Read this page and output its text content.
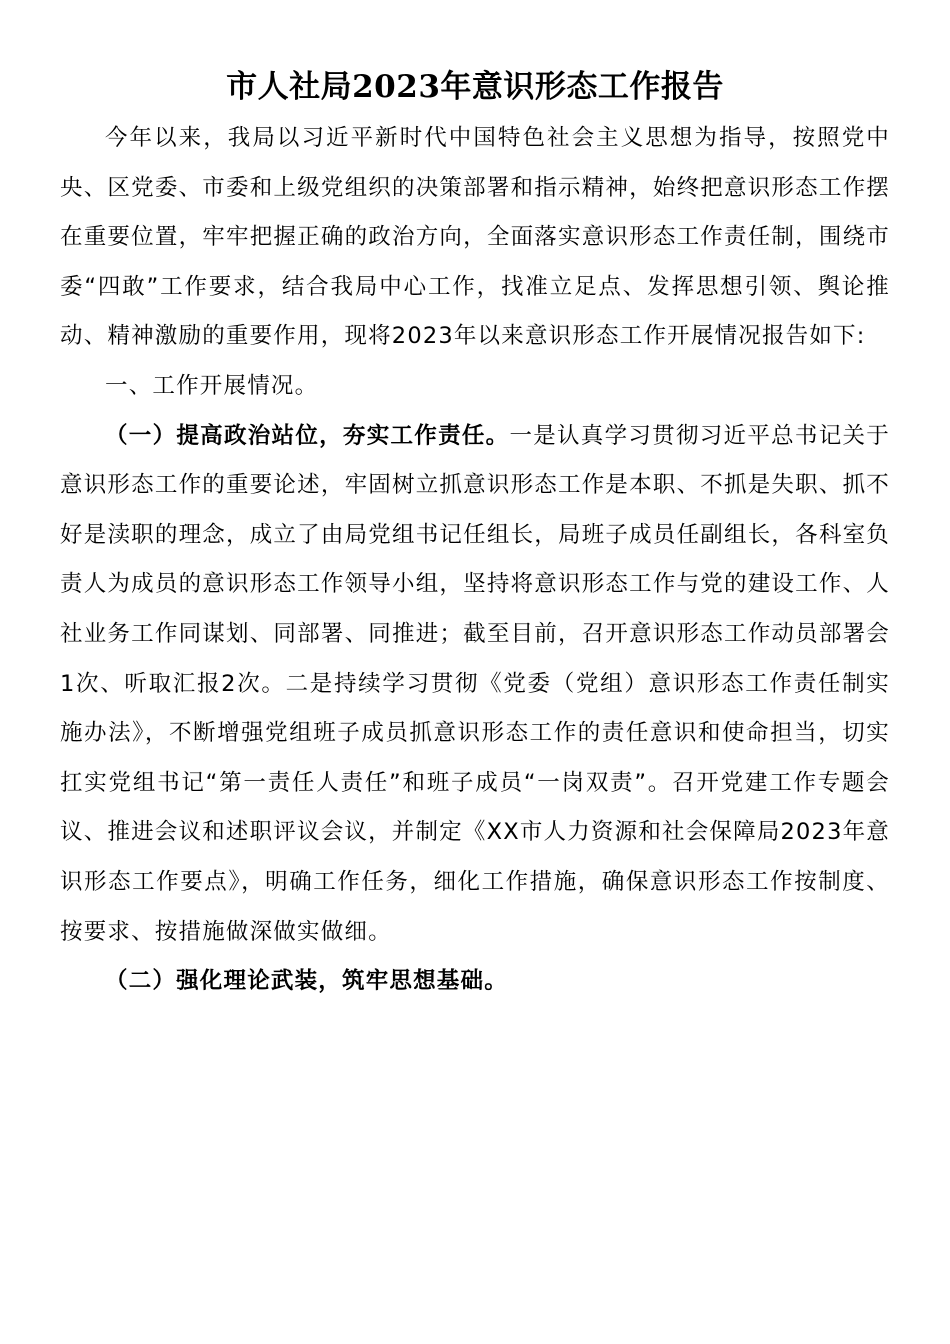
市人社局2023年意识形态工作报告

今年以来，我局以习近平新时代中国特色社会主义思想为指导，按照党中央、区党委、市委和上级党组织的决策部署和指示精神，始终把意识形态工作摆在重要位置，牢牢把握正确的政治方向，全面落实意识形态工作责任制，围绕市委“四敢”工作要求，结合我局中心工作，找准立足点、发挥思想引领、舆论推动、精神激励的重要作用，现将2023年以来意识形态工作开展情况报告如下:

一、工作开展情况。

（一）提高政治站位，夯实工作责任。一是认真学习贯彻习近平总书记关于意识形态工作的重要论述，牢固树立抓意识形态工作是本职、不抓是失职、抓不好是渎职的理念，成立了由局党组书记任组长，局班子成员任副组长，各科室负责人为成员的意识形态工作领导小组，坚持将意识形态工作与党的建设工作、人社业务工作同谋划、同部署、同推进；截至目前，召开意识形态工作动员部署会1次、听取汇报2次。二是持续学习贯彻《党委（党组）意识形态工作责任制实施办法》，不断增强党组班子成员抓意识形态工作的责任意识和使命担当，切实扛实党组书记“第一责任人责任”和班子成员“一岗双责”。召开党建工作专题会议、推进会议和述职评议会议，并制定《XX市人力资源和社会保障局2023年意识形态工作要点》，明确工作任务，细化工作措施，确保意识形态工作按制度、按要求、按措施做深做实做细。

（二）强化理论武装，筑牢思想基础。
